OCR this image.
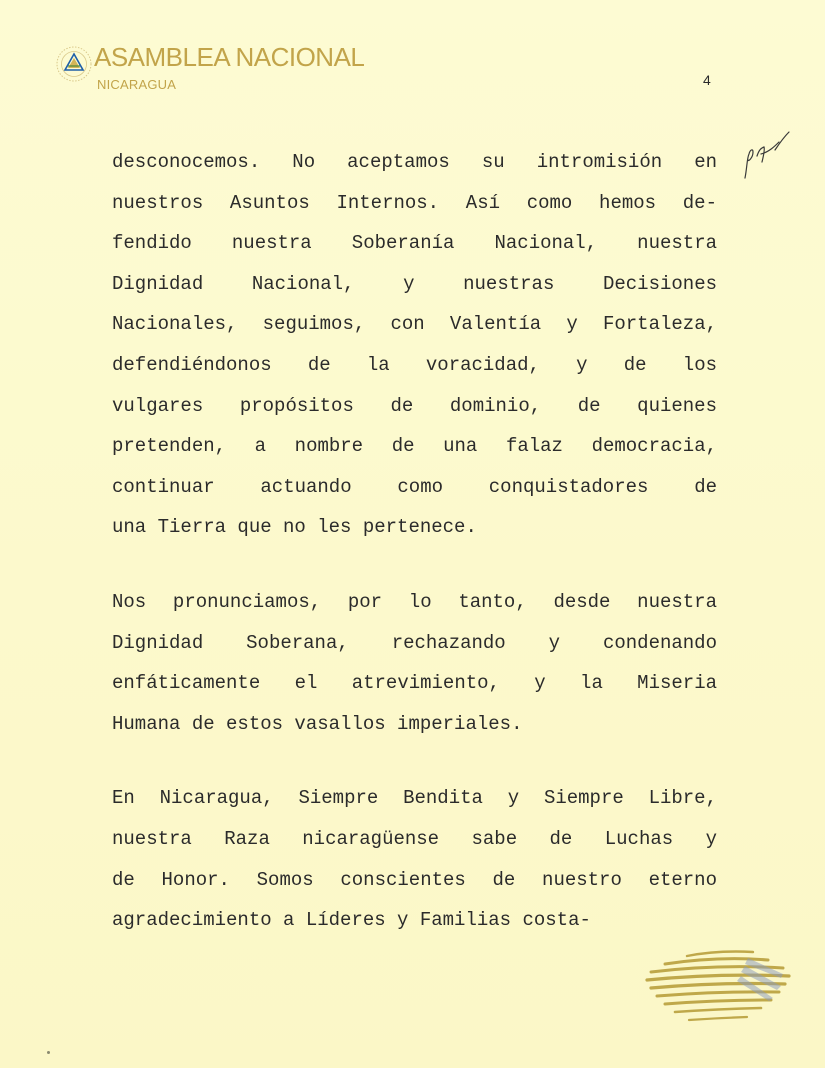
ASAMBLEA NACIONAL
NICARAGUA	4
desconocemos. No aceptamos su intromisión en
nuestros Asuntos Internos. Así como hemos de-
fendido nuestra Soberanía Nacional, nuestra
Dignidad Nacional, y nuestras Decisiones
Nacionales, seguimos, con Valentía y Fortaleza,
defendiéndonos de la voracidad, y de los
vulgares propósitos de dominio, de quienes
pretenden, a nombre de una falaz democracia,
continuar actuando como conquistadores de
una Tierra que no les pertenece.
Nos pronunciamos, por lo tanto, desde nuestra
Dignidad Soberana, rechazando y condenando
enfáticamente el atrevimiento, y la Miseria
Humana de estos vasallos imperiales.
En Nicaragua, Siempre Bendita y Siempre Libre,
nuestra Raza nicaragüense sabe de Luchas y
de Honor. Somos conscientes de nuestro eterno
agradecimiento a Líderes y Familias costa-
